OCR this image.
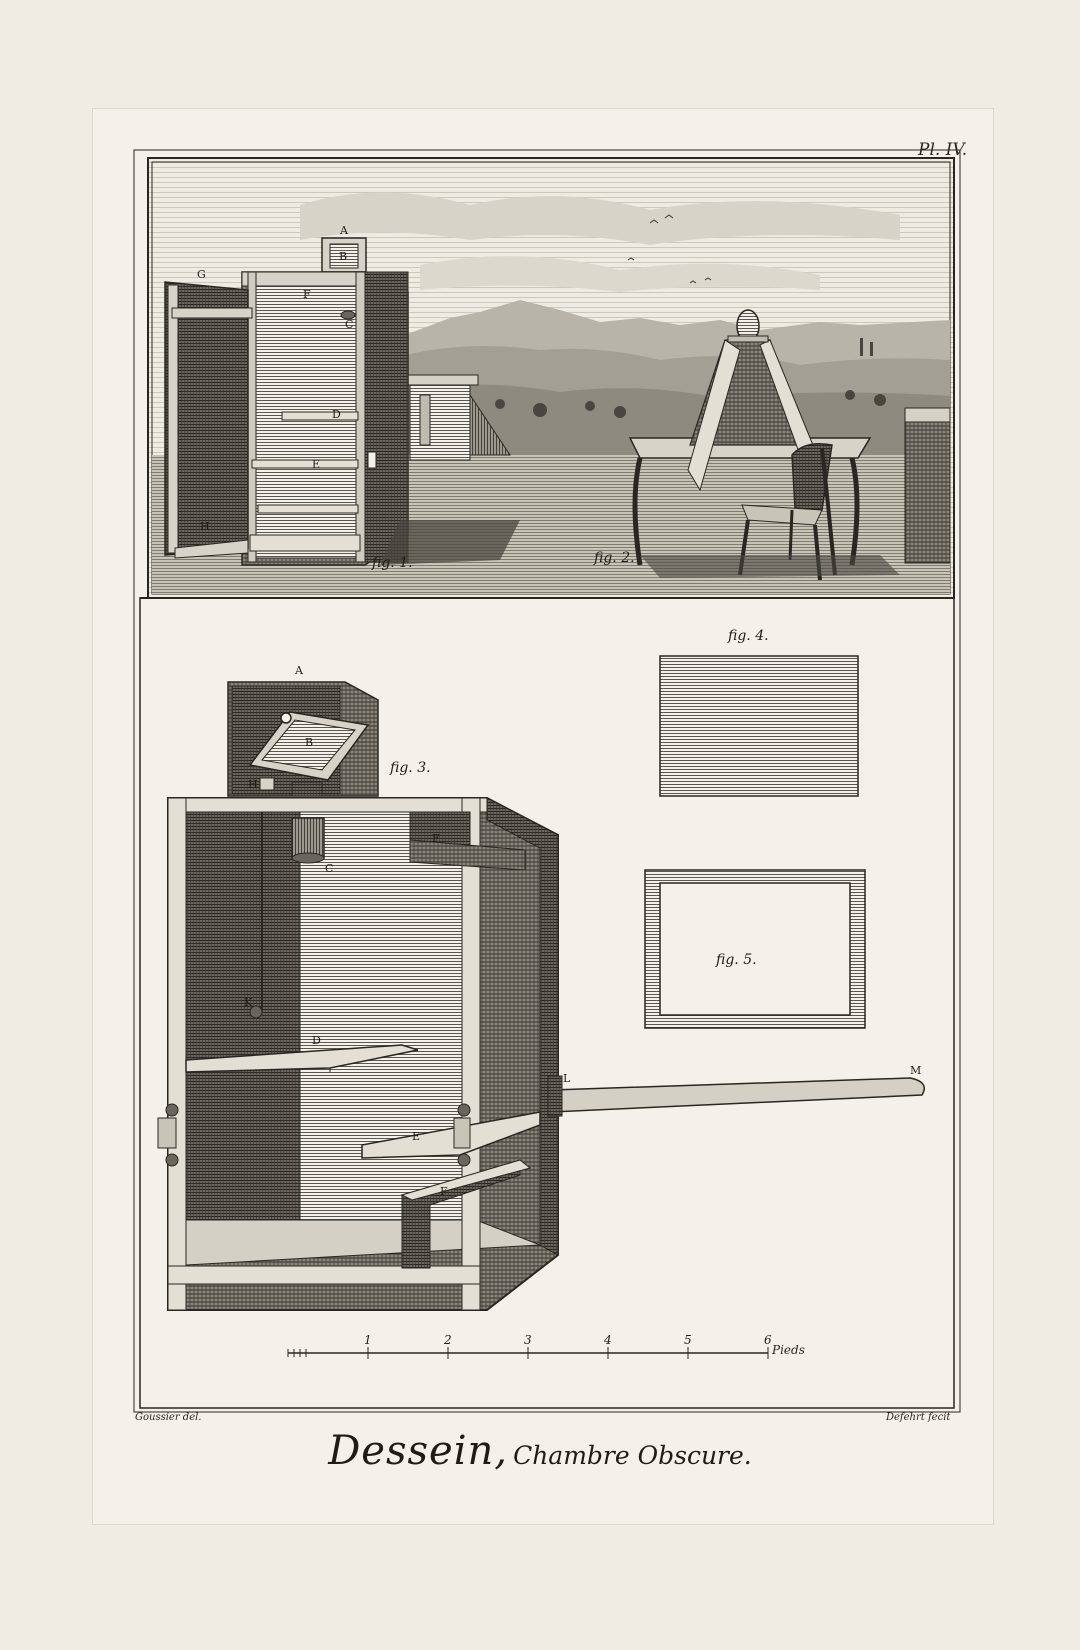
A
B
G
F
C
D
E
H
A
B
H
C
F
K
D
E
F
L
M
fig. 1.	fig. 2.
fig. 3.
fig. 4.
fig. 5.
1	2	3	4	5	6
Pl. IV.
Pieds
Goussier del.	Defehrt fecit
Dessein, Chambre Obscure.
